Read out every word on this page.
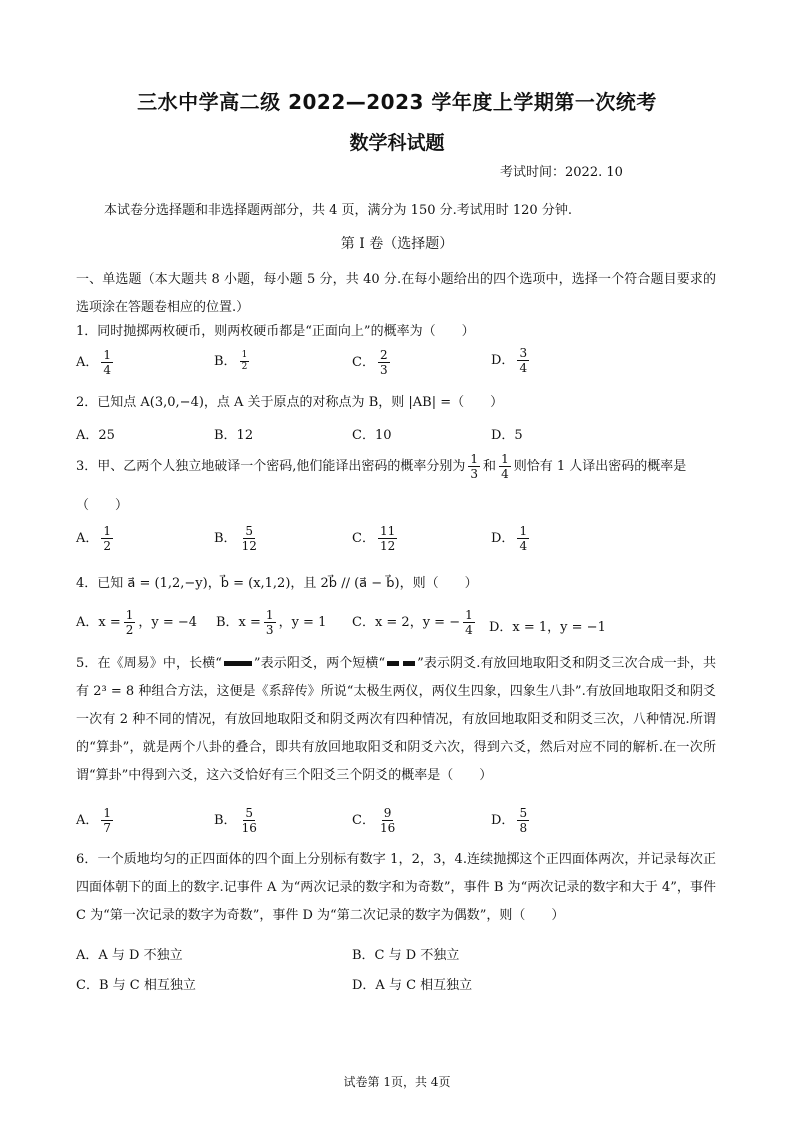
三水中学高二级 2022—2023 学年度上学期第一次统考
数学科试题
考试时间：2022. 10
本试卷分选择题和非选择题两部分，共 4 页，满分为 150 分.考试用时 120 分钟.
第 I 卷（选择题）
一、单选题（本大题共 8 小题，每小题 5 分，共 40 分.在每小题给出的四个选项中，选择一个符合题目要求的选项涂在答题卷相应的位置.）
1．同时抛掷两枚硬币，则两枚硬币都是“正面向上”的概率为（　　）
A． $\frac{1}{4}$	B． $\frac{1}{2}$	C． $\frac{2}{3}$	D． $\frac{3}{4}$
2．已知点 A(3,0,−4)，点 A 关于原点的对称点为 B，则 |AB| =（　　）
A．25	B．12	C．10	D．5
3．甲、乙两个人独立地破译一个密码,他们能译出密码的概率分别为 $\frac{1}{3}$ 和 $\frac{1}{4}$ 则恰有 1 人译出密码的概率是
（　　）
A． $\frac{1}{2}$	B． $\frac{5}{12}$	C． $\frac{11}{12}$	D． $\frac{1}{4}$
4．已知 a⃗ = (1,2,−y)，b⃗ = (x,1,2)，且 2b⃗ // (a⃗ − b⃗)，则（　　）
A．$x = \frac{1}{2}$ ，y = −4 B．$x = \frac{1}{3}$ ，y = 1 C．x = 2，y = − $\frac{1}{4}$ D．x = 1，y = −1
5．在《周易》中，长横“ ”表示阳爻，两个短横“ ”表示阴爻.有放回地取阳爻和阴爻三次合成一卦，共有 2³ = 8 种组合方法，这便是《系辞传》所说“太极生两仪，两仪生四象，四象生八卦”.有放回地取阳爻和阴爻一次有 2 种不同的情况，有放回地取阳爻和阴爻两次有四种情况，有放回地取阳爻和阴爻三次，八种情况.所谓的“算卦”，就是两个八卦的叠合，即共有放回地取阳爻和阴爻六次，得到六爻，然后对应不同的解析.在一次所谓“算卦”中得到六爻，这六爻恰好有三个阳爻三个阴爻的概率是（　　）
A． $\frac{1}{7}$	B． $\frac{5}{16}$	C． $\frac{9}{16}$	D． $\frac{5}{8}$
6．一个质地均匀的正四面体的四个面上分别标有数字 1，2，3，4.连续抛掷这个正四面体两次，并记录每次正四面体朝下的面上的数字.记事件 A 为“两次记录的数字和为奇数”，事件 B 为“两次记录的数字和大于 4”，事件 C 为“第一次记录的数字为奇数”，事件 D 为“第二次记录的数字为偶数”，则（　　）
A．A 与 D 不独立	B．C 与 D 不独立
C．B 与 C 相互独立	D．A 与 C 相互独立
试卷第 1页，共 4页
